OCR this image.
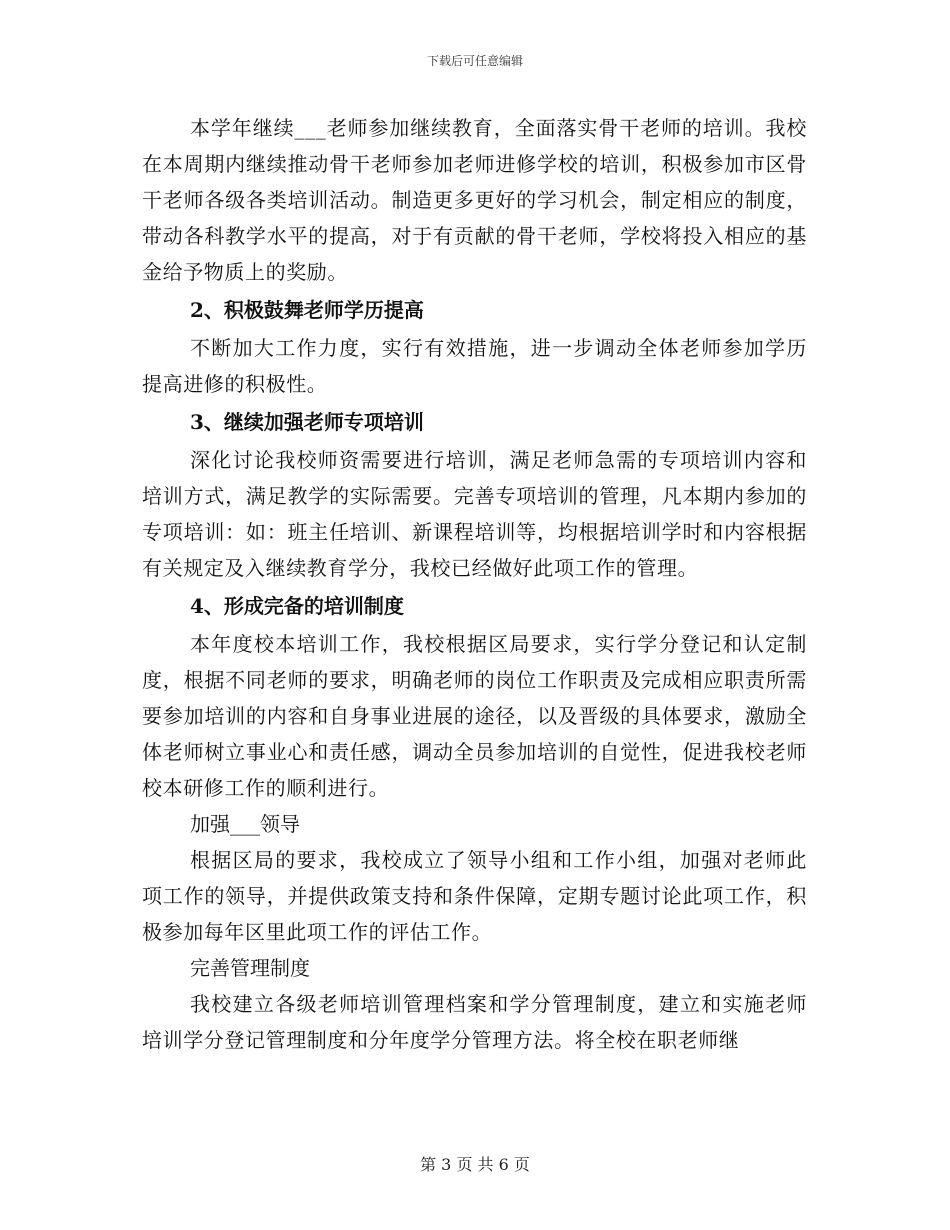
下载后可任意编辑

本学年继续___老师参加继续教育，全面落实骨干老师的培训。我校在本周期内继续推动骨干老师参加老师进修学校的培训，积极参加市区骨干老师各级各类培训活动。制造更多更好的学习机会，制定相应的制度，带动各科教学水平的提高，对于有贡献的骨干老师，学校将投入相应的基金给予物质上的奖励。

2、积极鼓舞老师学历提高

不断加大工作力度，实行有效措施，进一步调动全体老师参加学历提高进修的积极性。

3、继续加强老师专项培训

深化讨论我校师资需要进行培训，满足老师急需的专项培训内容和培训方式，满足教学的实际需要。完善专项培训的管理，凡本期内参加的专项培训：如：班主任培训、新课程培训等，均根据培训学时和内容根据有关规定及入继续教育学分，我校已经做好此项工作的管理。

4、形成完备的培训制度

本年度校本培训工作，我校根据区局要求，实行学分登记和认定制度，根据不同老师的要求，明确老师的岗位工作职责及完成相应职责所需要参加培训的内容和自身事业进展的途径，以及晋级的具体要求，激励全体老师树立事业心和责任感，调动全员参加培训的自觉性，促进我校老师校本研修工作的顺利进行。

加强___领导

根据区局的要求，我校成立了领导小组和工作小组，加强对老师此项工作的领导，并提供政策支持和条件保障，定期专题讨论此项工作，积极参加每年区里此项工作的评估工作。

完善管理制度

我校建立各级老师培训管理档案和学分管理制度，建立和实施老师培训学分登记管理制度和分年度学分管理方法。将全校在职老师继

第 3 页 共 6 页
